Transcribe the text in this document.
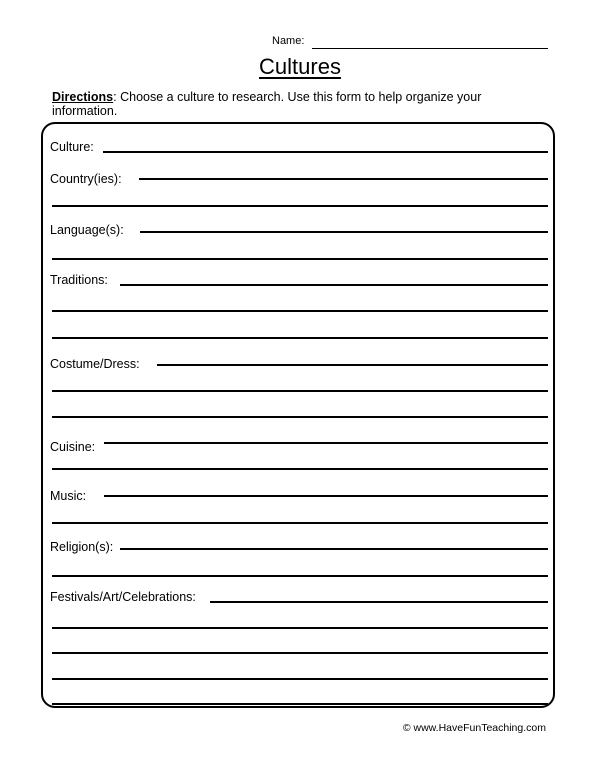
Name:
Cultures
Directions: Choose a culture to research. Use this form to help organize your information.
Culture:
Country(ies):
Language(s):
Traditions:
Costume/Dress:
Cuisine:
Music:
Religion(s):
Festivals/Art/Celebrations:
© www.HaveFunTeaching.com
